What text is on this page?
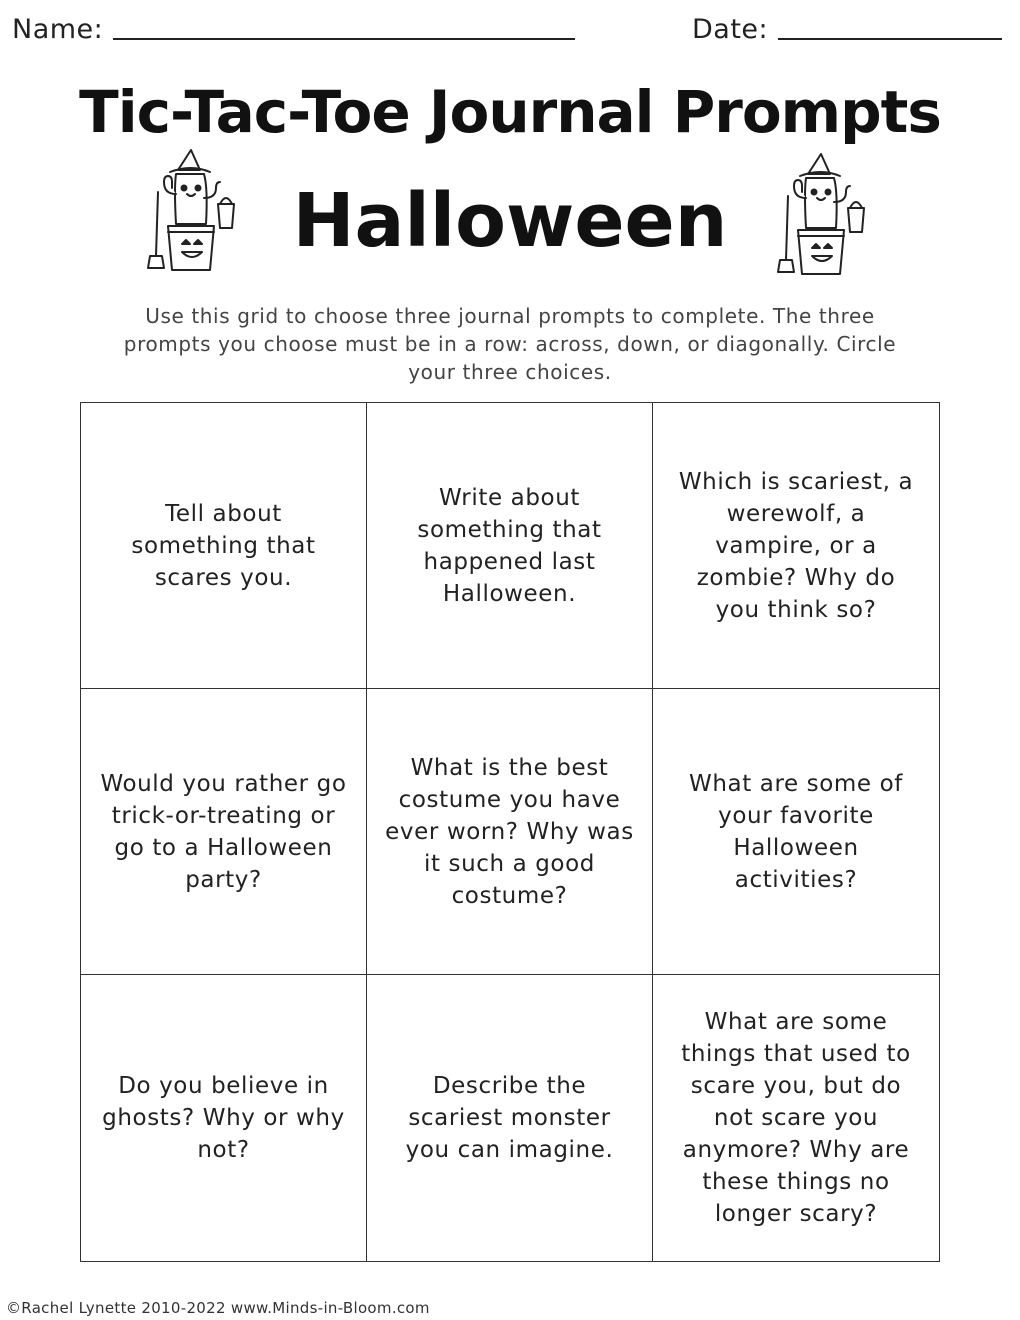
Name:	Date:
Tic-Tac-Toe Journal Prompts
Halloween
Use this grid to choose three journal prompts to complete. The three prompts you choose must be in a row: across, down, or diagonally. Circle your three choices.
Tell about something that scares you.
Write about something that happened last Halloween.
Which is scariest, a werewolf, a vampire, or a zombie? Why do you think so?
Would you rather go trick-or-treating or go to a Halloween party?
What is the best costume you have ever worn? Why was it such a good costume?
What are some of your favorite Halloween activities?
Do you believe in ghosts? Why or why not?
Describe the scariest monster you can imagine.
What are some things that used to scare you, but do not scare you anymore? Why are these things no longer scary?
©Rachel Lynette 2010-2022 www.Minds-in-Bloom.com
